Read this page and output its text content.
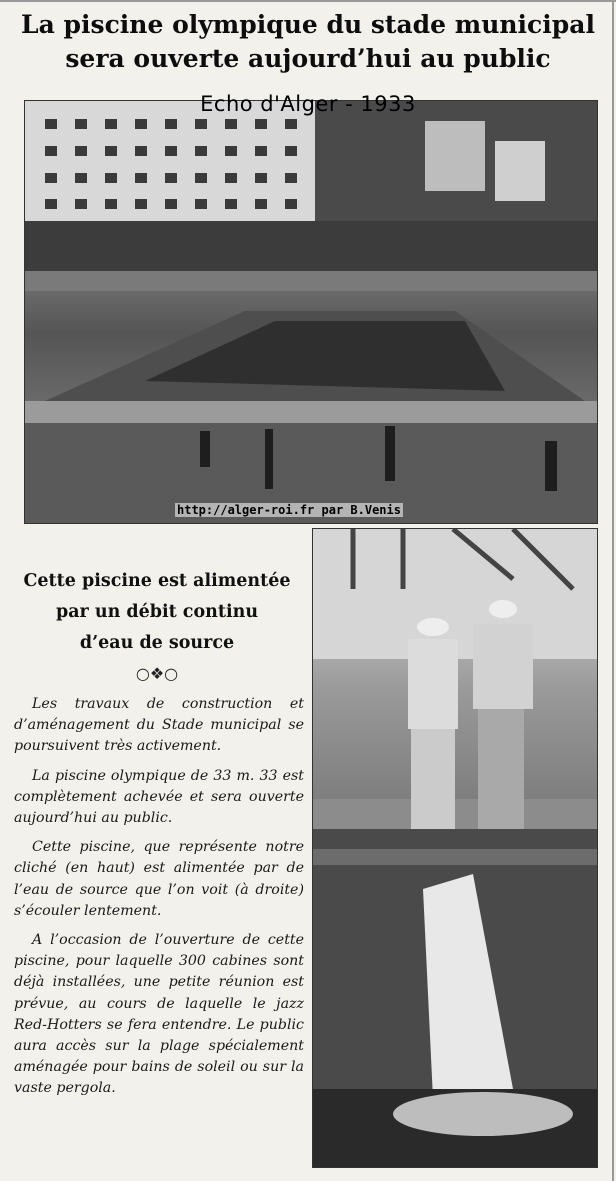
La piscine olympique du stade municipal
sera ouverte aujourd’hui au public
Echo d'Alger - 1933
http://alger-roi.fr par B.Venis
Cette piscine est alimentée
par un débit continu
d’eau de source
○❖○

Les travaux de construction et d’aménagement du Stade municipal se poursuivent très activement.

La piscine olympique de 33 m. 33 est complètement achevée et sera ouverte aujourd’hui au public.

Cette piscine, que représente notre cliché (en haut) est alimentée par de l’eau de source que l’on voit (à droite) s’écouler lentement.

A l’occasion de l’ouverture de cette piscine, pour laquelle 300 cabines sont déjà installées, une petite réunion est prévue, au cours de laquelle le jazz Red-Hotters se fera entendre. Le public aura accès sur la plage spécialement aménagée pour bains de soleil ou sur la vaste pergola.
